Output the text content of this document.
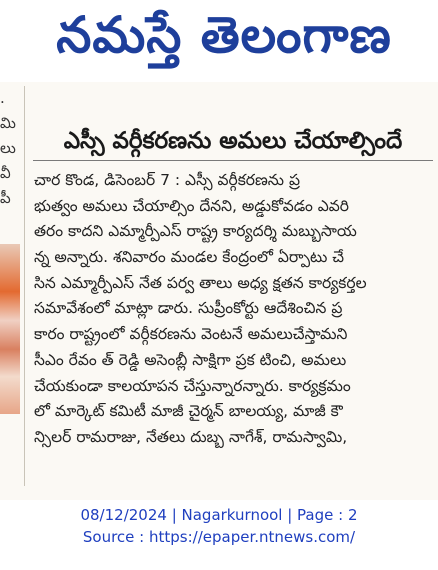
నమస్తే తెలంగాణ
.
మి
లు
వీ
పీ
ఎస్సీ వర్గీకరణను అమలు చేయాల్సిందే
చార కొండ, డిసెంబర్ 7 : ఎస్సీ వర్గీకరణను ప్ర
భుత్వం అమలు చేయాల్సిం దేనని, అడ్డుకోవడం ఎవరి
తరం కాదని ఎమ్మార్పీఎస్ రాష్ట్ర కార్యదర్శి మబ్బుసాయ
న్న అన్నారు. శనివారం మండల కేంద్రంలో ఏర్పాటు చే
సిన ఎమ్మార్పీఎస్ నేత పర్వ తాలు అధ్య క్షతన కార్యకర్తల
సమావేశంలో మాట్లా డారు. సుప్రీంకోర్టు ఆదేశించిన ప్ర
కారం రాష్ట్రంలో వర్గీకరణను వెంటనే అమలుచేస్తామని
సీఎం రేవం త్ రెడ్డి అసెంబ్లీ సాక్షిగా ప్రక టించి, అమలు
చేయకుండా కాలయాపన చేస్తున్నారన్నారు. కార్యక్రమం
లో మార్కెట్ కమిటీ మాజీ చైర్మన్ బాలయ్య, మాజీ కౌ
న్సిలర్ రామరాజు, నేతలు దుబ్బ నాగేశ్, రామస్వామి,
08/12/2024 | Nagarkurnool | Page : 2
Source : https://epaper.ntnews.com/
